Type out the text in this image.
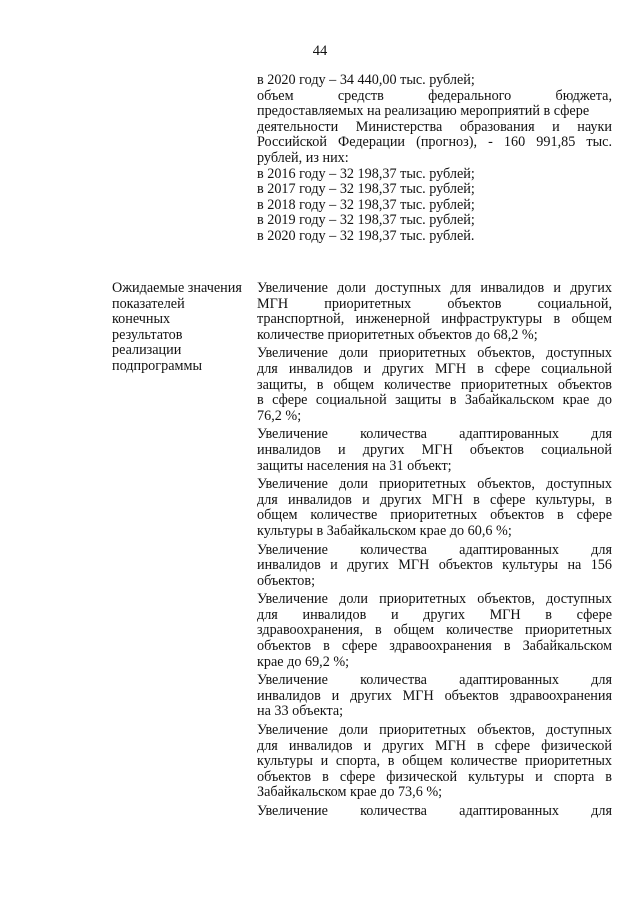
44
в 2020 году – 34 440,00 тыс. рублей;
объем средств федерального бюджета,
предоставляемых на реализацию мероприятий в сфере
деятельности Министерства образования и науки
Российской Федерации (прогноз), - 160 991,85 тыс.
рублей, из них:
в 2016 году – 32 198,37 тыс. рублей;
в 2017 году – 32 198,37 тыс. рублей;
в 2018 году – 32 198,37 тыс. рублей;
в 2019 году – 32 198,37 тыс. рублей;
в 2020 году – 32 198,37 тыс. рублей.
Ожидаемые значения
показателей
конечных
результатов
реализации
подпрограммы
Увеличение доли доступных для инвалидов и других
МГН приоритетных объектов социальной,
транспортной, инженерной инфраструктуры в общем
количестве приоритетных объектов до 68,2 %;
Увеличение доли приоритетных объектов, доступных
для инвалидов и других МГН в сфере социальной
защиты, в общем количестве приоритетных объектов
в сфере социальной защиты в Забайкальском крае до
76,2 %;
Увеличение количества адаптированных для
инвалидов и других МГН объектов социальной
защиты населения на 31 объект;
Увеличение доли приоритетных объектов, доступных
для инвалидов и других МГН в сфере культуры, в
общем количестве приоритетных объектов в сфере
культуры в Забайкальском крае до 60,6 %;
Увеличение количества адаптированных для
инвалидов и других МГН объектов культуры на 156
объектов;
Увеличение доли приоритетных объектов, доступных
для инвалидов и других МГН в сфере
здравоохранения, в общем количестве приоритетных
объектов в сфере здравоохранения в Забайкальском
крае до 69,2 %;
Увеличение количества адаптированных для
инвалидов и других МГН объектов здравоохранения
на 33 объекта;
Увеличение доли приоритетных объектов, доступных
для инвалидов и других МГН в сфере физической
культуры и спорта, в общем количестве приоритетных
объектов в сфере физической культуры и спорта в
Забайкальском крае до 73,6 %;
Увеличение количества адаптированных для
